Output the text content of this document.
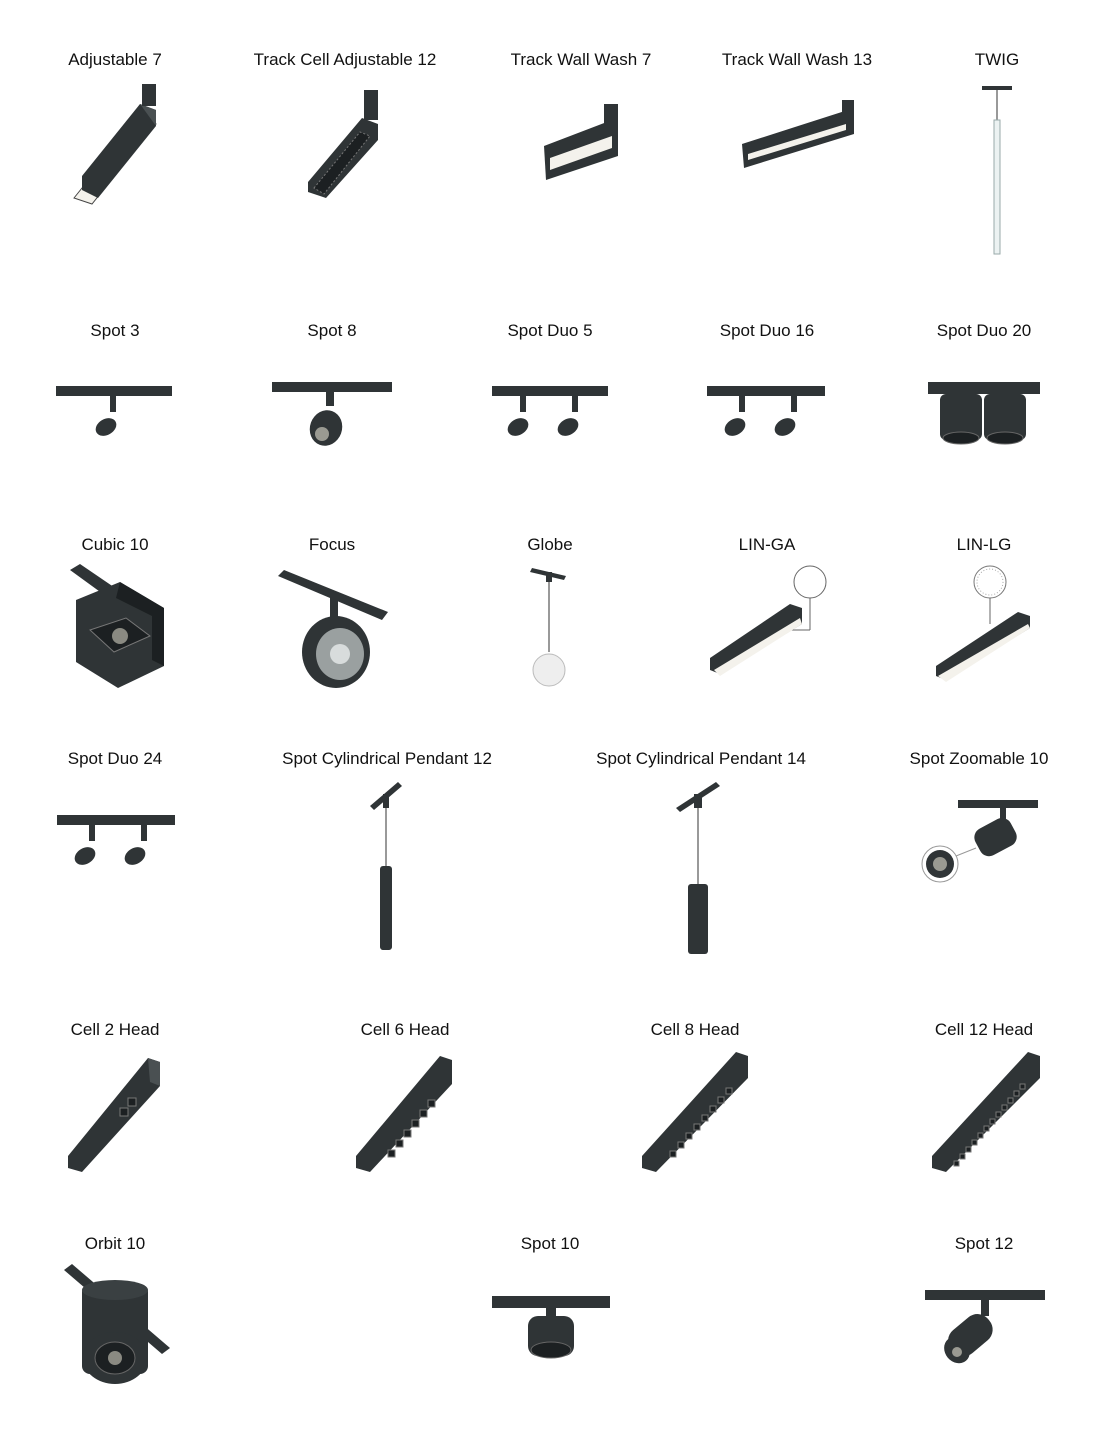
Adjustable 7	Track Cell Adjustable 12	Track Wall Wash 7	Track Wall Wash 13	TWIG
Spot 3	Spot 8	Spot Duo 5	Spot Duo 16	Spot Duo 20
Cubic 10	Focus	Globe	LIN-GA	LIN-LG
Spot Duo 24	Spot Cylindrical Pendant 12	Spot Cylindrical Pendant 14	Spot Zoomable 10
Cell 2 Head	Cell 6 Head	Cell 8 Head	Cell 12 Head
Orbit 10	Spot 10	Spot 12
